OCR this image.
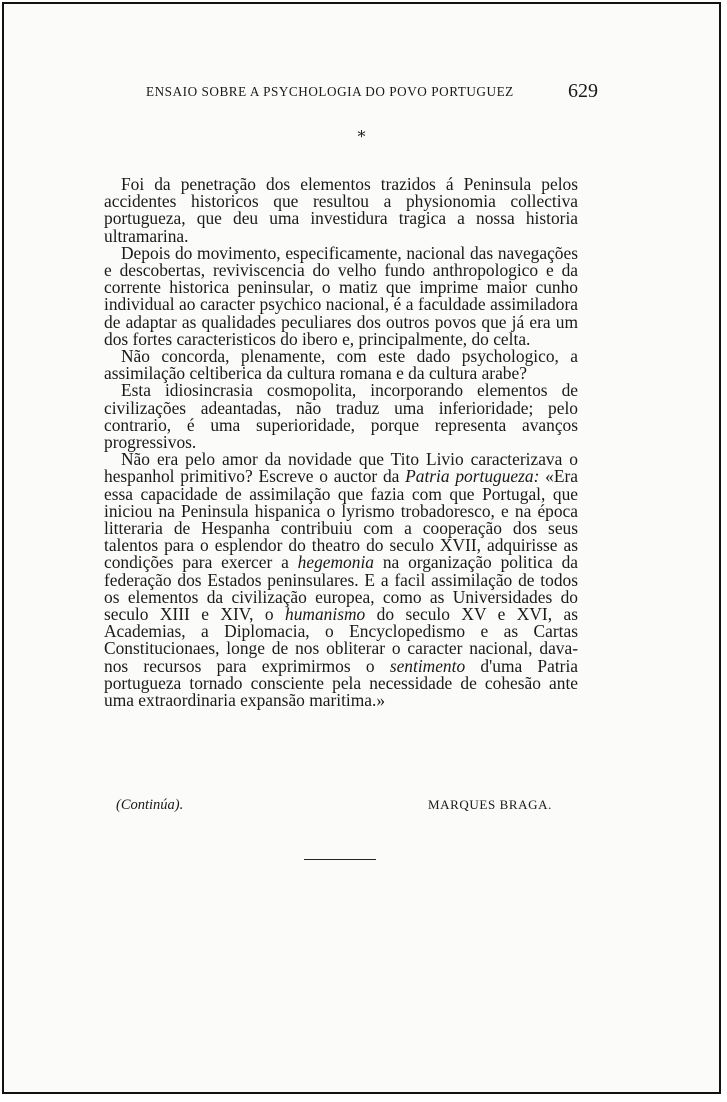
ENSAIO SOBRE A PSYCHOLOGIA DO POVO PORTUGUEZ	629
*

Foi da penetração dos elementos trazidos á Peninsula pelos accidentes historicos que resultou a physionomia collectiva portugueza, que deu uma investidura tragica a nossa historia ultramarina.

Depois do movimento, especificamente, nacional das navegações e descobertas, reviviscencia do velho fundo anthropologico e da corrente historica peninsular, o matiz que imprime maior cunho individual ao caracter psychico nacional, é a faculdade assimiladora de adaptar as qualidades peculiares dos outros povos que já era um dos fortes caracteristicos do ibero e, principalmente, do celta.

Não concorda, plenamente, com este dado psychologico, a assimilação celtiberica da cultura romana e da cultura arabe?

Esta idiosincrasia cosmopolita, incorporando elementos de civilizações adeantadas, não traduz uma inferioridade; pelo contrario, é uma superioridade, porque representa avanços progressivos.

Não era pelo amor da novidade que Tito Livio caracterizava o hespanhol primitivo? Escreve o auctor da Patria portugueza: «Era essa capacidade de assimilação que fazia com que Portugal, que iniciou na Peninsula hispanica o lyrismo trobadoresco, e na época litteraria de Hespanha contribuiu com a cooperação dos seus talentos para o esplendor do theatro do seculo XVII, adquirisse as condições para exercer a hegemonia na organização politica da federação dos Estados peninsulares. E a facil assimilação de todos os elementos da civilização europea, como as Universidades do seculo XIII e XIV, o humanismo do seculo XV e XVI, as Academias, a Diplomacia, o Encyclopedismo e as Cartas Constitucionaes, longe de nos obliterar o caracter nacional, dava-nos recursos para exprimirmos o sentimento d'uma Patria portugueza tornado consciente pela necessidade de cohesão ante uma extraordinaria expansão maritima.»

(Continúa).	MARQUES BRAGA.
